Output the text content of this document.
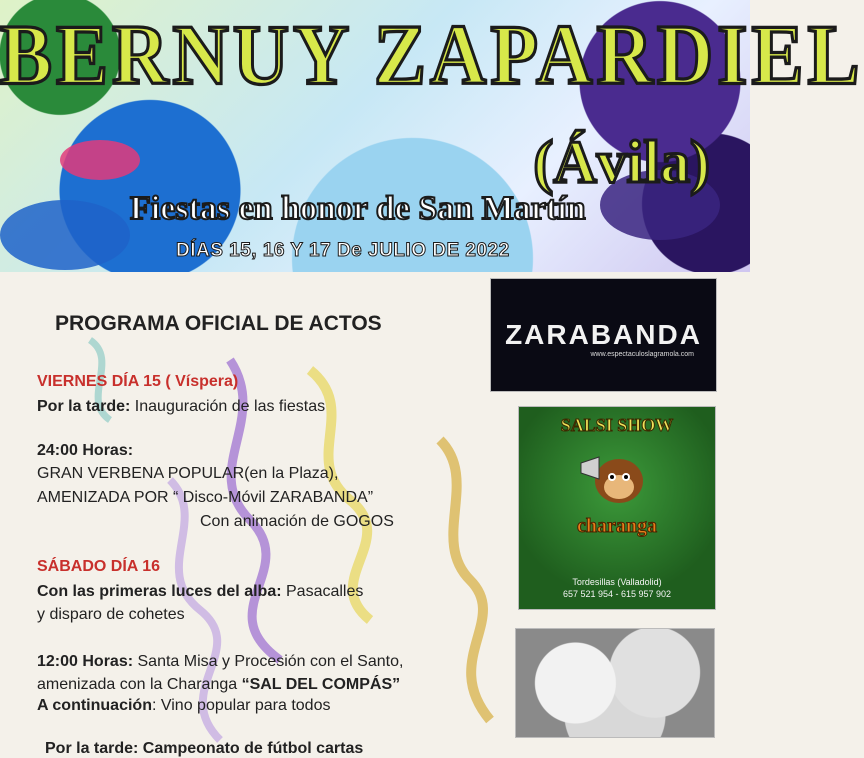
BERNUY ZAPARDIEL
(Ávila)
Fiestas en honor de San Martín
DÍAS 15, 16 Y 17 De JULIO DE 2022
PROGRAMA OFICIAL DE ACTOS
VIERNES DÍA 15 ( Víspera)
Por la tarde: Inauguración de las fiestas
24:00 Horas:
GRAN VERBENA POPULAR(en la Plaza),
AMENIZADA POR “ Disco-Móvil ZARABANDA”
Con animación de GOGOS
SÁBADO DÍA 16
Con las primeras luces del alba: Pasacalles
y disparo de cohetes
12:00 Horas: Santa Misa y Procesión con el Santo,
amenizada con la Charanga “SAL DEL COMPÁS”
A continuación: Vino popular para todos
Por la tarde: Campeonato de fútbol cartas
ZARABANDA
www.espectaculoslagramola.com
SALSI SHOW
charanga
Tordesillas (Valladolid)
657 521 954 - 615 957 902
